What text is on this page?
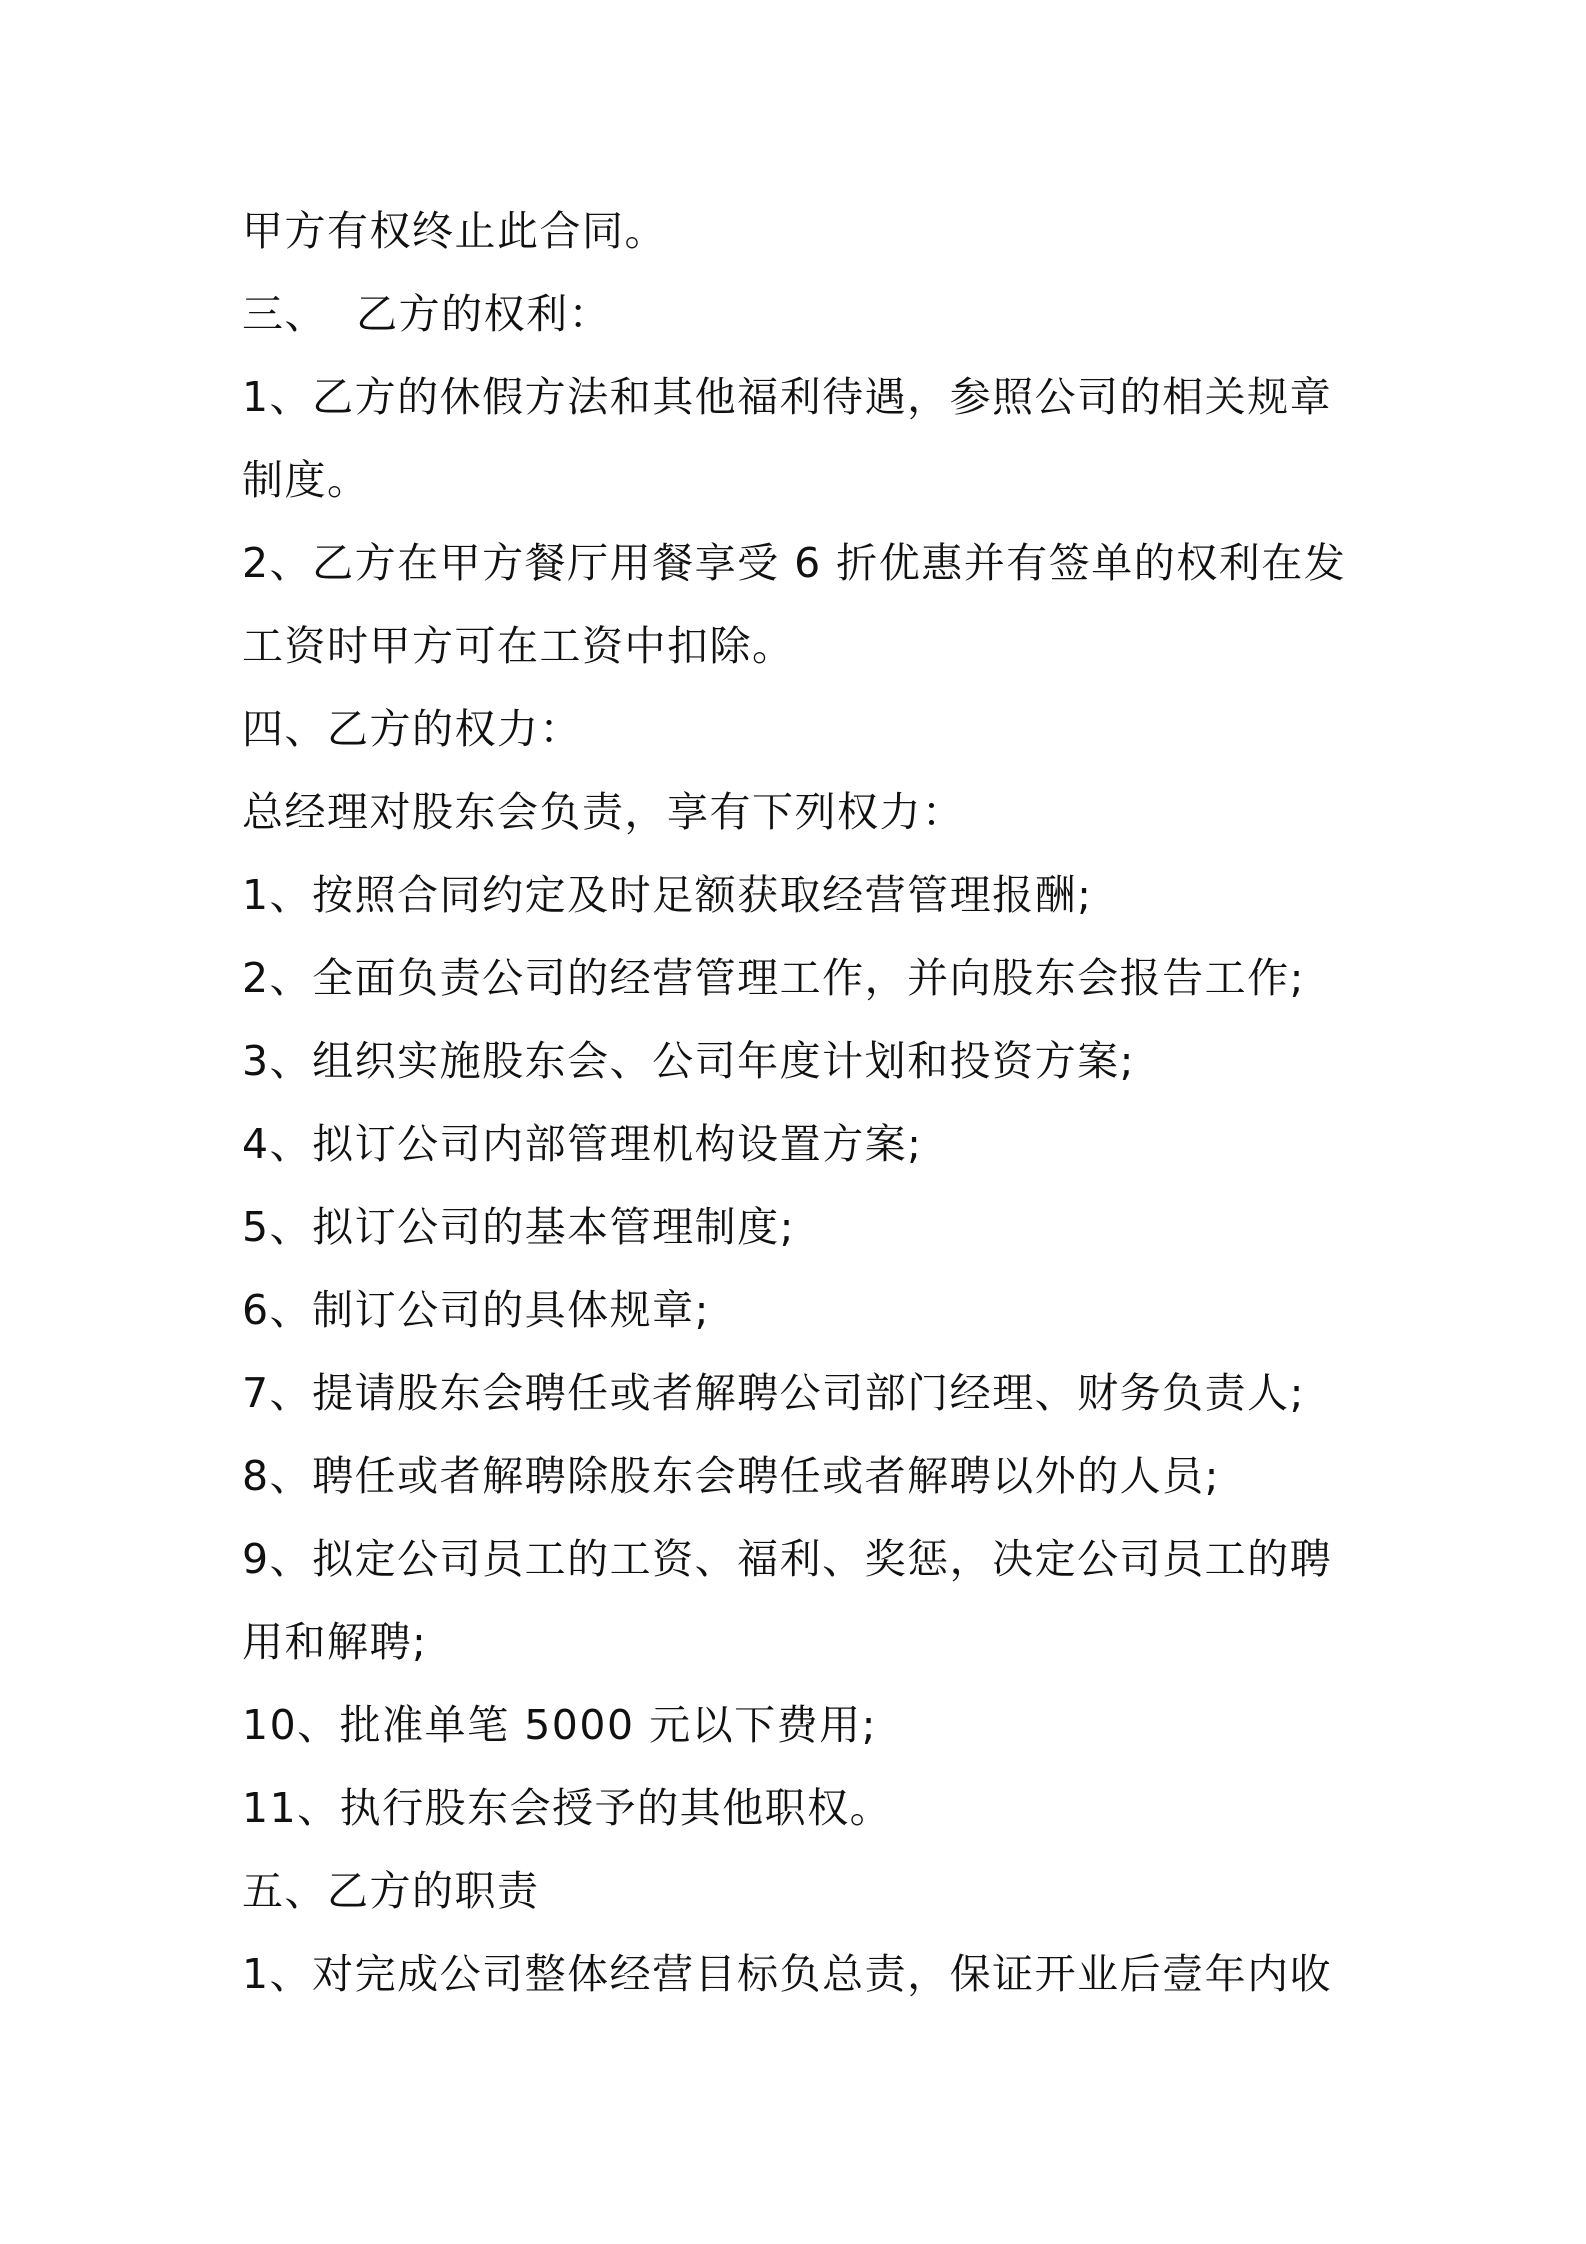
甲方有权终止此合同。
三、  乙方的权利：
1、乙方的休假方法和其他福利待遇，参照公司的相关规章
制度。
2、乙方在甲方餐厅用餐享受 6 折优惠并有签单的权利在发
工资时甲方可在工资中扣除。
四、乙方的权力：
总经理对股东会负责，享有下列权力：
1、按照合同约定及时足额获取经营管理报酬;
2、全面负责公司的经营管理工作，并向股东会报告工作;
3、组织实施股东会、公司年度计划和投资方案;
4、拟订公司内部管理机构设置方案;
5、拟订公司的基本管理制度;
6、制订公司的具体规章;
7、提请股东会聘任或者解聘公司部门经理、财务负责人;
8、聘任或者解聘除股东会聘任或者解聘以外的人员;
9、拟定公司员工的工资、福利、奖惩，决定公司员工的聘
用和解聘;
10、批准单笔 5000 元以下费用;
11、执行股东会授予的其他职权。
五、乙方的职责
1、对完成公司整体经营目标负总责，保证开业后壹年内收
